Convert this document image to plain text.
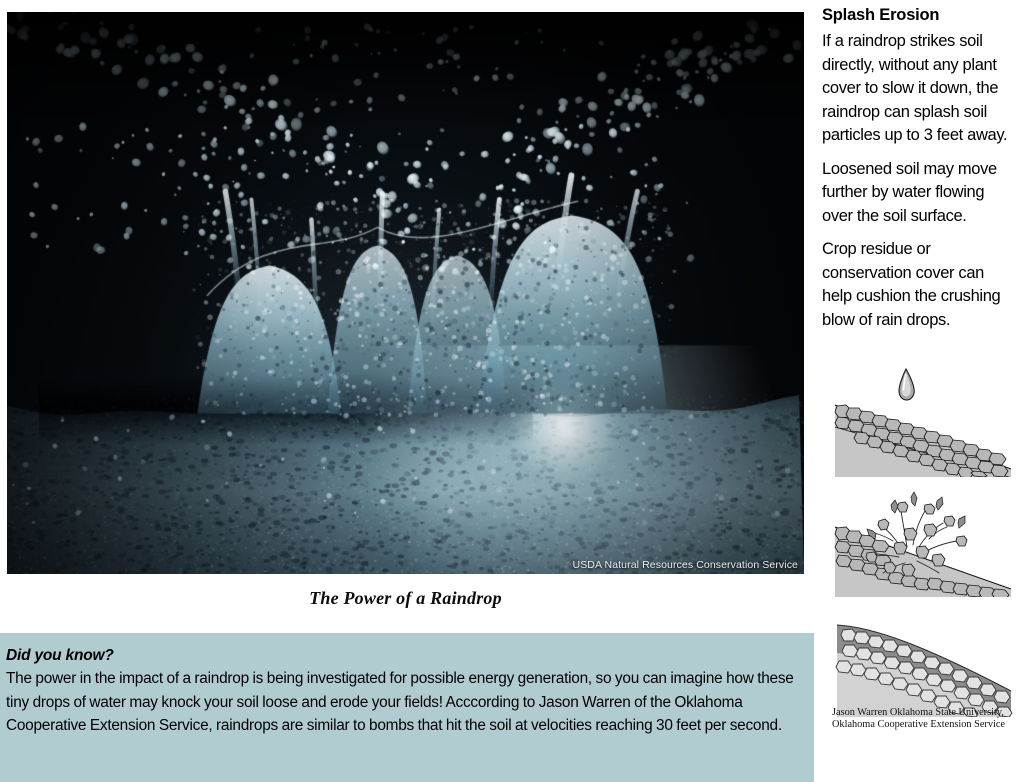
USDA Natural Resources Conservation Service
The Power of a Raindrop
Did you know?
The power in the impact of a raindrop is being investigated for possible energy generation, so you can imagine how these tiny drops of water may knock your soil loose and erode your fields! Acccording to Jason Warren of the Oklahoma Cooperative Extension Service, raindrops are similar to bombs that hit the soil at velocities reaching 30 feet per second.
Splash Erosion

If a raindrop strikes soil directly, without any plant cover to slow it down, the raindrop can splash soil particles up to 3 feet away.

Loosened soil may move further by water flowing over the soil surface.

Crop residue or conservation cover can help cushion the crushing blow of rain drops.

Jason Warren Oklahoma State University, Oklahoma Cooperative Extension Service
